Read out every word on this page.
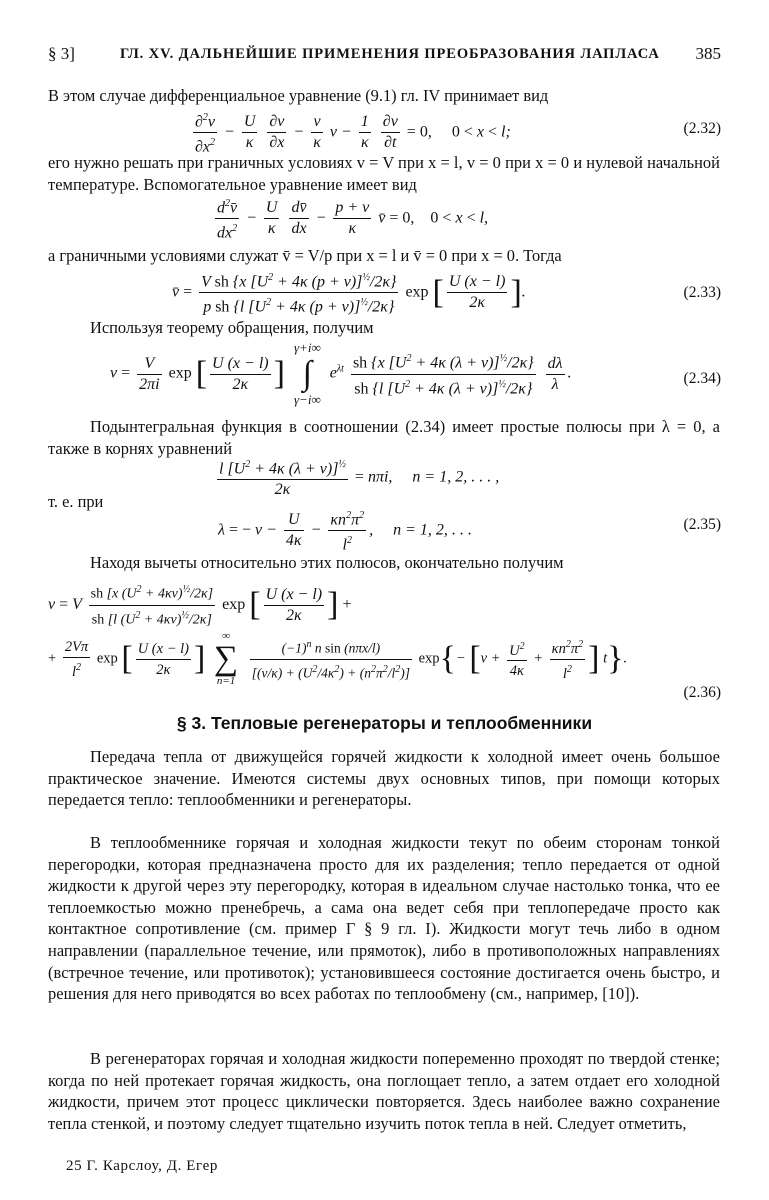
§ 3]	ГЛ. XV. ДАЛЬНЕЙШИЕ ПРИМЕНЕНИЯ ПРЕОБРАЗОВАНИЯ ЛАПЛАСА 385
В этом случае дифференциальное уравнение (9.1) гл. IV принимает вид
$\frac{\partial^2v}{\partial x^2} - \frac{U}{\kappa}$
$\frac{\partial v}{\partial x} - \frac{\nu}{\kappa}$ $v - \frac{1}{\kappa}$
$\frac{\partial v}{\partial t} = 0$, 0 < x < l;	(2.32)
его нужно решать при граничных условиях v = V при x = l, v = 0 при x = 0 и нулевой начальной температуре. Вспомогательное уравнение имеет вид
$\frac{d^2v̄}{dx^2} - \frac{U}{\kappa}$
$\frac{dv̄}{dx} - \frac{p + \nu}{\kappa}$ v̄ = 0, 0 < x < l,
а граничными условиями служат v̄ = V/p при x = l и v̄ = 0 при x = 0. Тогда
v̄ = $\frac{V sh \{x [U^2 + 4\kappa (p + \nu)]^{\frac{1}{2}}/2\kappa\}}{p sh \{l [U^2 + 4\kappa (p + \nu)]^{\frac{1}{2}}/2\kappa\}}$ exp [ $\frac{U (x - l)}{2\kappa}$ ].	(2.33)
Используя теорему обращения, получим
$v = \frac{V}{2\pi i}$ exp [ $\frac{U (x - l)}{2\kappa}$ ]
γ+i∞
∫
γ−i∞
$e^{\lambda t} \frac{sh \{x [U^2 + 4\kappa (\lambda + \nu)]^{\frac{1}{2}}/2\kappa\}}{sh \{l [U^2 + 4\kappa (\lambda + \nu)]^{\frac{1}{2}}/2\kappa\}}$
$\frac{d\lambda}{\lambda}$ .	(2.34)
Подынтегральная функция в соотношении (2.34) имеет простые полюсы при λ = 0, а также в корнях уравнений
$\frac{l [U^2 + 4\kappa (\lambda + \nu)]^{\frac{1}{2}}}{2\kappa} = n\pi i$,     n = 1, 2, . . . ,
т. е. при
λ = − $\nu - \frac{U}{4\kappa} - \frac{\kappa n^2\pi^2}{l^2}$ ,     n = 1, 2, . . .	(2.35)
Находя вычеты относительно этих полюсов, окончательно получим
v = V $\frac{sh [x (U^2 + 4\kappa\nu)^{\frac{1}{2}}/2\kappa]}{sh [l (U^2 + 4\kappa\nu)^{\frac{1}{2}}/2\kappa]}$ exp [ $\frac{U (x - l)}{2\kappa}$ ] +
+ $\frac{2V\pi}{l^2}$ exp [ $\frac{U (x - l)}{2\kappa}$ ]
∞
∑
n=1
	$\frac{(-1)^n n \sin (n\pi x/l)}{[(\nu/\kappa) + (U^2/4\kappa^2) + (n^2\pi^2/l^2)]} \exp\{- [\nu + \frac{U^2}{4\kappa} + \frac{\kappa n^2\pi^2}{l^2}$ ] t}.
(2.36)
§ 3. Тепловые регенераторы и теплообменники
Передача тепла от движущейся горячей жидкости к холодной имеет очень большое практическое значение. Имеются системы двух основных типов, при помощи которых передается тепло: теплообменники и регенераторы.
В теплообменнике горячая и холодная жидкости текут по обеим сторонам тонкой перегородки, которая предназначена просто для их разделения; тепло передается от одной жидкости к другой через эту перегородку, которая в идеальном случае настолько тонка, что ее теплоемкостью можно пренебречь, а сама она ведет себя при теплопередаче просто как контактное сопротивление (см. пример Г § 9 гл. I). Жидкости могут течь либо в одном направлении (параллельное течение, или прямоток), либо в противоположных направлениях (встречное течение, или противоток); установившееся состояние достигается очень быстро, и решения для него приводятся во всех работах по теплообмену (см., например, [10]).
В регенераторах горячая и холодная жидкости попеременно проходят по твердой стенке; когда по ней протекает горячая жидкость, она поглощает тепло, а затем отдает его холодной жидкости, причем этот процесс циклически повторяется. Здесь наиболее важно сохранение тепла стенкой, и поэтому следует тщательно изучить поток тепла в ней. Следует отметить,
25 Г. Карслоу, Д. Егер
